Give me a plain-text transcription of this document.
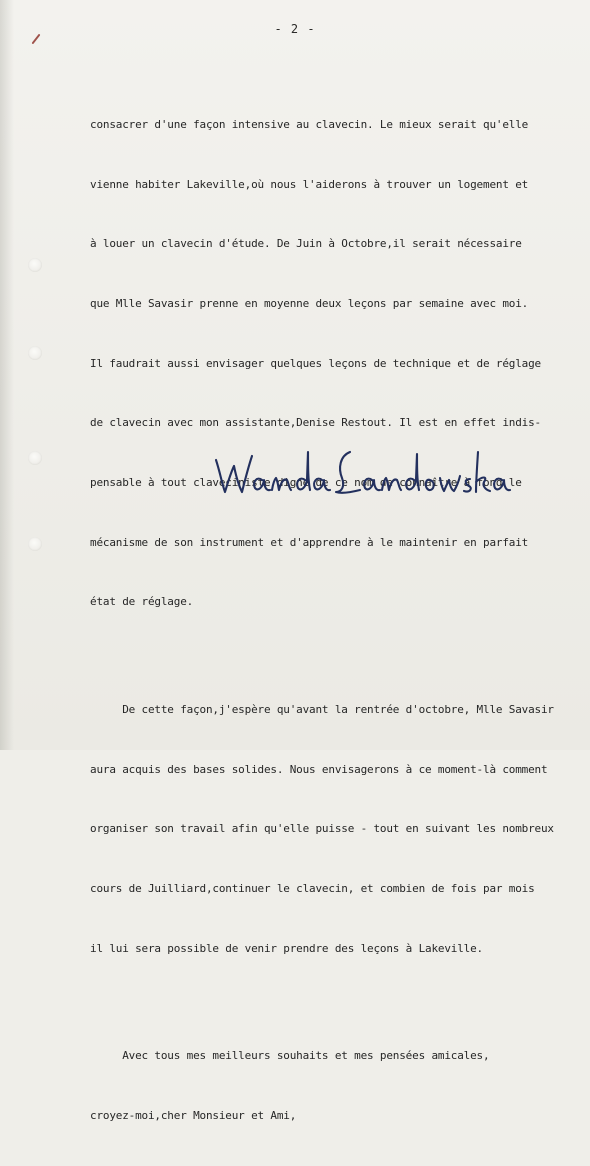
- 2 -

consacrer d'une façon intensive au clavecin. Le mieux serait qu'elle

vienne habiter Lakeville,où nous l'aiderons à trouver un logement et

à louer un clavecin d'étude. De Juin à Octobre,il serait nécessaire

que Mlle Savasir prenne en moyenne deux leçons par semaine avec moi.

Il faudrait aussi envisager quelques leçons de technique et de réglage

de clavecin avec mon assistante,Denise Restout. Il est en effet indis-

pensable à tout claveciniste digne de ce nom de connaître à fond le

mécanisme de son instrument et d'apprendre à le maintenir en parfait

état de réglage.

De cette façon,j'espère qu'avant la rentrée d'octobre, Mlle Savasir

aura acquis des bases solides. Nous envisagerons à ce moment-là comment

organiser son travail afin qu'elle puisse - tout en suivant les nombreux

cours de Juilliard,continuer le clavecin, et combien de fois par mois

il lui sera possible de venir prendre des leçons à Lakeville.

Avec tous mes meilleurs souhaits et mes pensées amicales,

croyez-moi,cher Monsieur et Ami,
